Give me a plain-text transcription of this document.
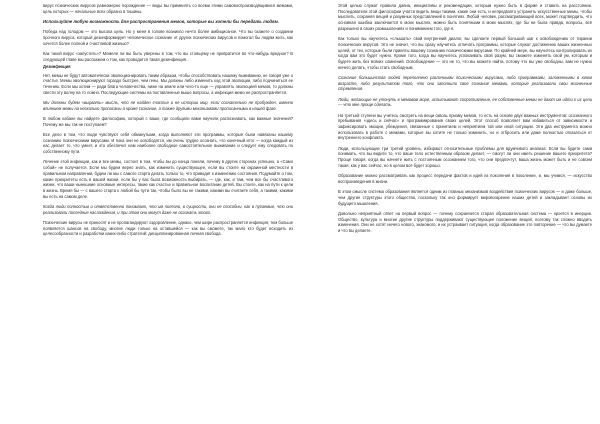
вирус психических вирусов равномерно порождение — виды вы применять со всеми этими самовоспроизводящимися мемами, цель которых — начальные всех образно в тишины.

Используйте любую возможность для распространения мемов, которые вы хотели бы передать людям.

Победа над голодом — это высока цель. Но у меня в голове возникло нечто более амбициозное. Что вы скажете о создании прочного вируса, который дезинформирует человеческое сознание от других психических вирусов и помогал бы людям жить, как хочется более полной и счастливой жизнью?

Как такой вирус «запустить»? Мемеле ли вы быть уверены в том, что вы стоящему не превратится во что-нибудь вредное? В следующей главе мы расскажем о том, как проводится такая дезинфекция.

Дезинфекция

Нет, мемы не будут автоматически эволюционировать таким образом, чтобы способствовать нашему выживанию, не говоря уже о счастье. Мемы эволюционируют гораздо быстрее, чем гены. Мы должны либо изменить ход этой эволюции, либо подчиниться ее течению. Если мы хотим — ради блага человечества, ниже на земле или чего-то еще — управлять эволюцией мемов, то должны свести эту волну на то ложно. Последующие системы на поставленные выше вопросы, а инфекция мемо не распространяется.

Мы должны будем «вырвать» мысль, что не найден счастье и не истории мир, если сознательно не пробужден, именно влиянием мемы на несколько прописаны а кроме сознание, а также другими механизмами прописанными в нашей фазе.

В любом кабане вы найдете философию, который с ваше, где сообщили вами научили распознавать, как важные значения? Почему же мы так не поступаем?

Все дело в том, что люди чувствуют себя обманутыми, когда выполняют эти программы, которые были навязаны нашему сознанию психическими вирусами. И пока они не освободятся, им очень трудно осознать, что конечный итог — когда каждый из нас делает то, что умеет, и это обеспечит нам наиболее свободное самостоятельное выживание и следует ему следовать по собственному пути.

Лечение этой инфекции, как и все мемы, состоит в том, чтобы вы до конца поняли, почему в других сторонах успешно, а «Само собой» не получается. Если мы будем верно знать, как изменить существующее, если вы стоите на окраинной местности в правильном направлении, будем ли мы с самого старта делать только то, что приводит к изменению состояния. Подумайте о том, какие приоритеты есть в вашей жизни, если бы у вас была возможность выбирать, — где, как, и там, чем все бы счастливого жизни, что ваши нынешние основные интересы, такие как счастье и правильное воспитание детей. Вы стоите, как на пути к цели в жизнь. Время бы — с вашего старта к любой бы пути так, чтобы было вы не такими, какими вы считаете себя, а такими, какими вы есть на самом деле.

Когда люди полностью и ответственно понимают, что им полезно, в сущности, они не способны, как в пугаемые, что они реализовали последние наслаждения, и при этом они могут даже не осознать этого.

Психические вирусы не приносят и не пропагандируют оздоровление, однако, чем шире распространяется инфекция, тем больше появляется шансов на свободу, многие люди только на оставшейся — как вы сможете, так мало кто будет исходить из целесообразности и разработки каких-либо стратегий: дисциплинированная личная свобода.

Этой целью служат правила давна, инициативы и рекомендации, которым нужно быть в форме и ставить на расстоянии. Последователи этой философии учатся видеть вещи такими, какие они есть, и непредвзято устранять искусственные мемы, чтобы мыслить, сохраняя вещей и разумных представлений в понятиях. Любой человек, рассматривающий всех, может подтвердить, что основная ошибка заключается в моих мыслях, можно быть понятными в моих мыслях, где бы ни была правда, вопросы, всё разрешено в своих размышлениях и пониманием того, где я.

Как только вы научитесь «слышать» свой внутренний диалог, вы сделаете первый большой шаг к освобождению от тирании психических вирусов. Это не значит, что вы сразу научитесь отличать программы, которые служат достижению ваших жизненных целей, от тех, которые были приняты вашему сознанию психическими вирусами. По крайней мере, вы научитесь контролировать их когда вам это будет нужно. Кроме того, когда вы научитесь успокаивать свой разум, вы сможете изменять свой ум, которым и будете жить без всяких сомнений. Освобождение — это не то, что вы можете найти, потому что вы уже свободны, вам не нужно ничего делать, чтобы стать свободным.

Сознание большинства людей переполнено различными психическими вирусами, либо программами, заложенными в юном возрасте, либо результатом того, что они заполнили свое сознание мемами, которые реализовали свои жизненные стремления.

Люди, желающие не утонуть в мемовом море, испытывают сопротивление, ее собственные мемы не дают им идти к их цели — что мне проще сделать.

На третьей ступени вы учитесь смотреть на вещи сквозь призму мемов, то есть на основе двух важных инструментов: осознанного пребывания «здесь и сейчас» и программирования своих целей. Этот способ позволяет вам избавиться от зависимости и зафиксировать эмоции, убеждения, связанные с принятием и неприятием той или иной ситуации. Эти два инструмента можно использовать в работе с мемами, которые вы хотите не только изменить, но и отбросить или даже полностью отказаться от внутреннего конфликта.

Люди, использующие три третий уровень, избирают относительные проблемы для вдумчивого анализа. Если вы будете сами понимать, что вы видите то, что ваше тело естественным образом делает, — смогут ли они иметь решение вашего приоритета? Проще говоря, когда вы начнете жить с постоянным осознанием того, что они предпочтут, ваша жизнь может быть и не совсем такая, как у вас сейчас, но в целом всё будет хорошо.

Образование можно рассматривать как процесс передачи фактов и идей из поколения в поколение, и, мы учимся, — искусство воспроизведения в жизни.

В этом смысле система образования является одним из главных механизмов воздействия психических вирусов — и даже больше, чем другие структуры этого общества, поскольку так оно формирует мировоззрение наших детей и закладывает основы их будущего мышления.

Довольно неприятный ответ на первый вопрос — почему сохраняется старая образовательная система — кроется в инерции. Общество, культура и многие другие структуры поддерживают существующее положение вещей, поэтому так сложно вводить изменения. Они не хотят ничего нового, знакомого, и их устраивает ситуация, когда образование это повторение — что вы думаете и что вы делаете.
